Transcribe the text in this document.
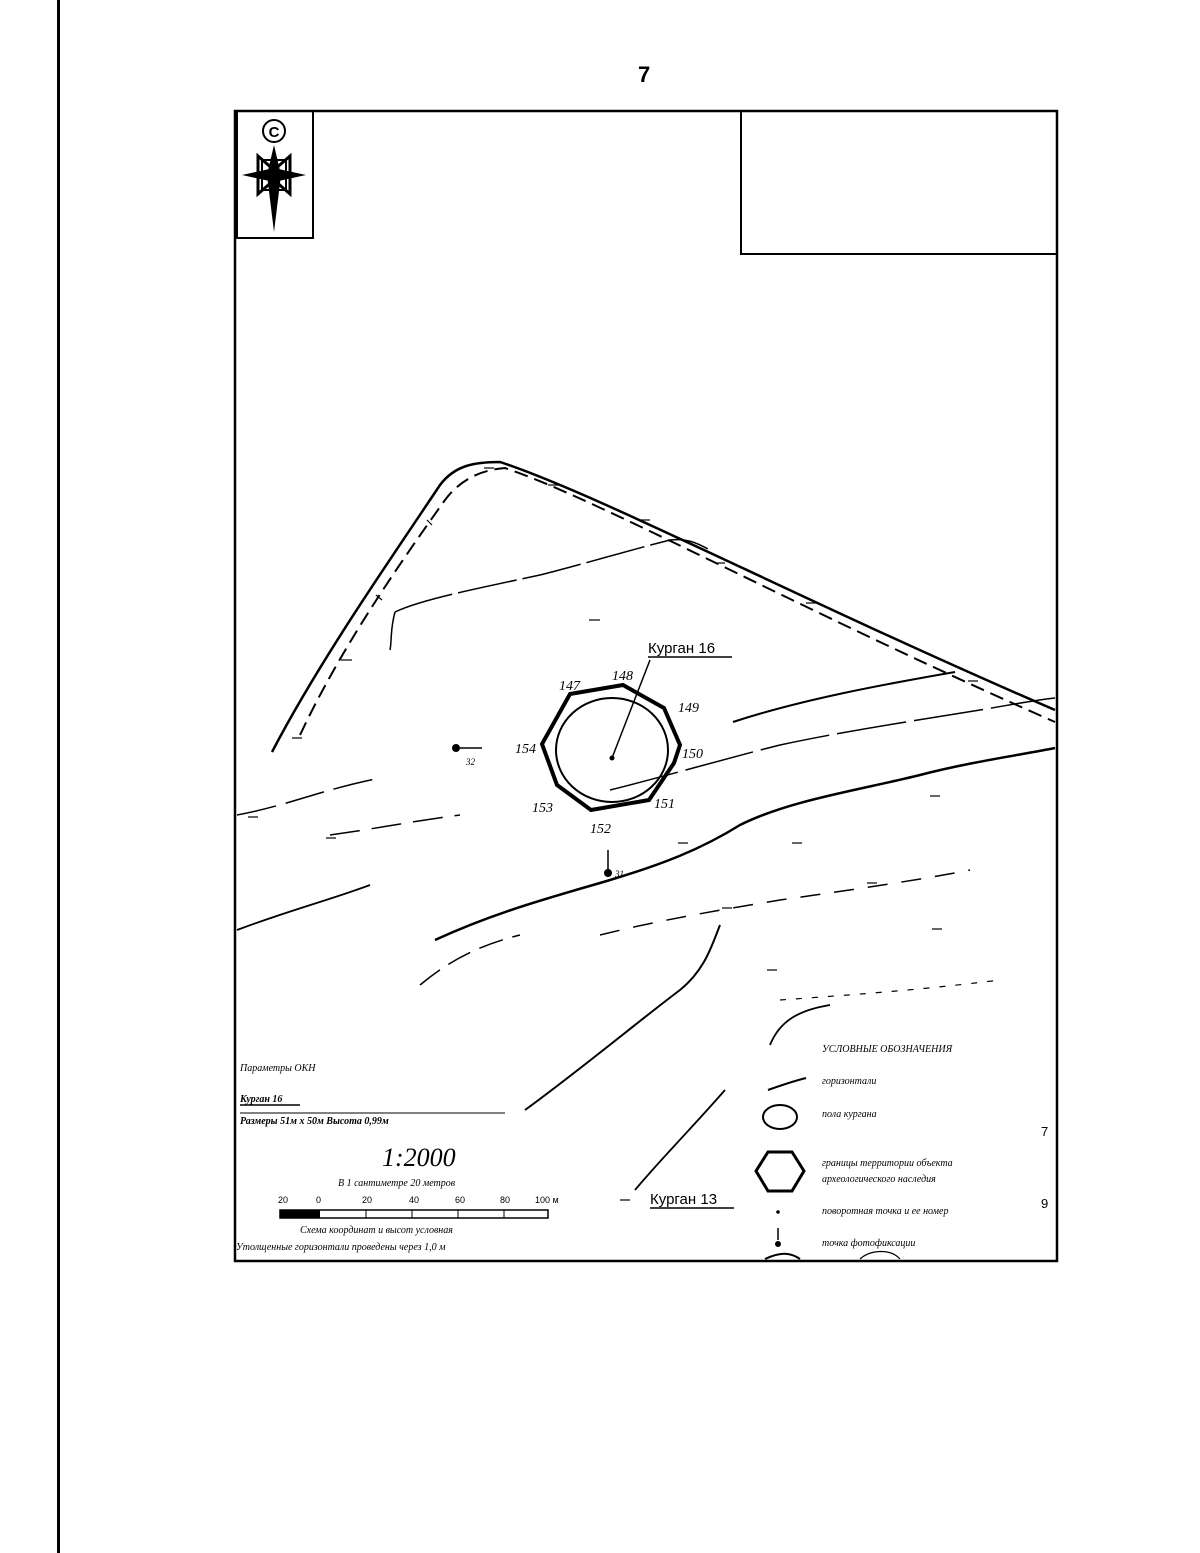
7
С
Курган 16
147
148
149
150
151
152
153
154
32
31
7
9
Курган 13
Параметры ОКН
Курган 16
Размеры 51м х 50м Высота 0,99м
1:2000
В 1 сантиметре 20 метров
20	0	20	40	60	80	100 м
Схема координат и высот условная
Утолщенные горизонтали проведены через 1,0 м
УСЛОВНЫЕ ОБОЗНАЧЕНИЯ
горизонтали
пола кургана
границы территории объекта
археологического наследия
поворотная точка и ее номер
точка фотофиксации
